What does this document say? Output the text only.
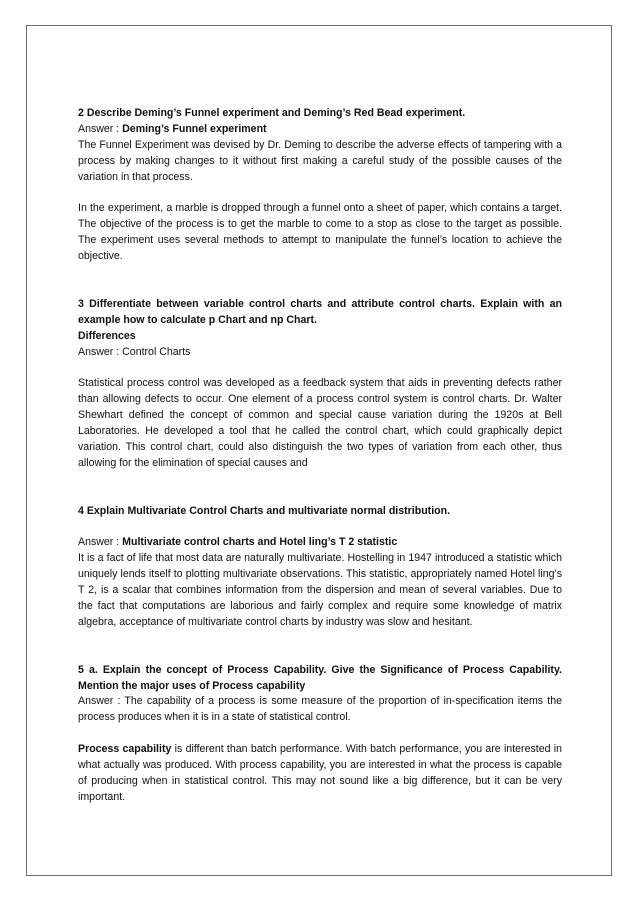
2 Describe Deming’s Funnel experiment and Deming’s Red Bead experiment.

Answer : Deming’s Funnel experiment

The Funnel Experiment was devised by Dr. Deming to describe the adverse effects of tampering with a process by making changes to it without first making a careful study of the possible causes of the variation in that process.

In the experiment, a marble is dropped through a funnel onto a sheet of paper, which contains a target. The objective of the process is to get the marble to come to a stop as close to the target as possible. The experiment uses several methods to attempt to manipulate the funnel’s location to achieve the objective.

3 Differentiate between variable control charts and attribute control charts. Explain with an example how to calculate p Chart and np Chart.

Differences

Answer : Control Charts

Statistical process control was developed as a feedback system that aids in preventing defects rather than allowing defects to occur. One element of a process control system is control charts. Dr. Walter Shewhart defined the concept of common and special cause variation during the 1920s at Bell Laboratories. He developed a tool that he called the control chart, which could graphically depict variation. This control chart, could also distinguish the two types of variation from each other, thus allowing for the elimination of special causes and

4 Explain Multivariate Control Charts and multivariate normal distribution.

Answer : Multivariate control charts and Hotel ling’s T 2 statistic

It is a fact of life that most data are naturally multivariate. Hostelling in 1947 introduced a statistic which uniquely lends itself to plotting multivariate observations. This statistic, appropriately named Hotel ling’s T 2, is a scalar that combines information from the dispersion and mean of several variables. Due to the fact that computations are laborious and fairly complex and require some knowledge of matrix algebra, acceptance of multivariate control charts by industry was slow and hesitant.

5 a. Explain the concept of Process Capability. Give the Significance of Process Capability. Mention the major uses of Process capability

Answer : The capability of a process is some measure of the proportion of in-specification items the process produces when it is in a state of statistical control.

Process capability is different than batch performance. With batch performance, you are interested in what actually was produced. With process capability, you are interested in what the process is capable of producing when in statistical control. This may not sound like a big difference, but it can be very important.
